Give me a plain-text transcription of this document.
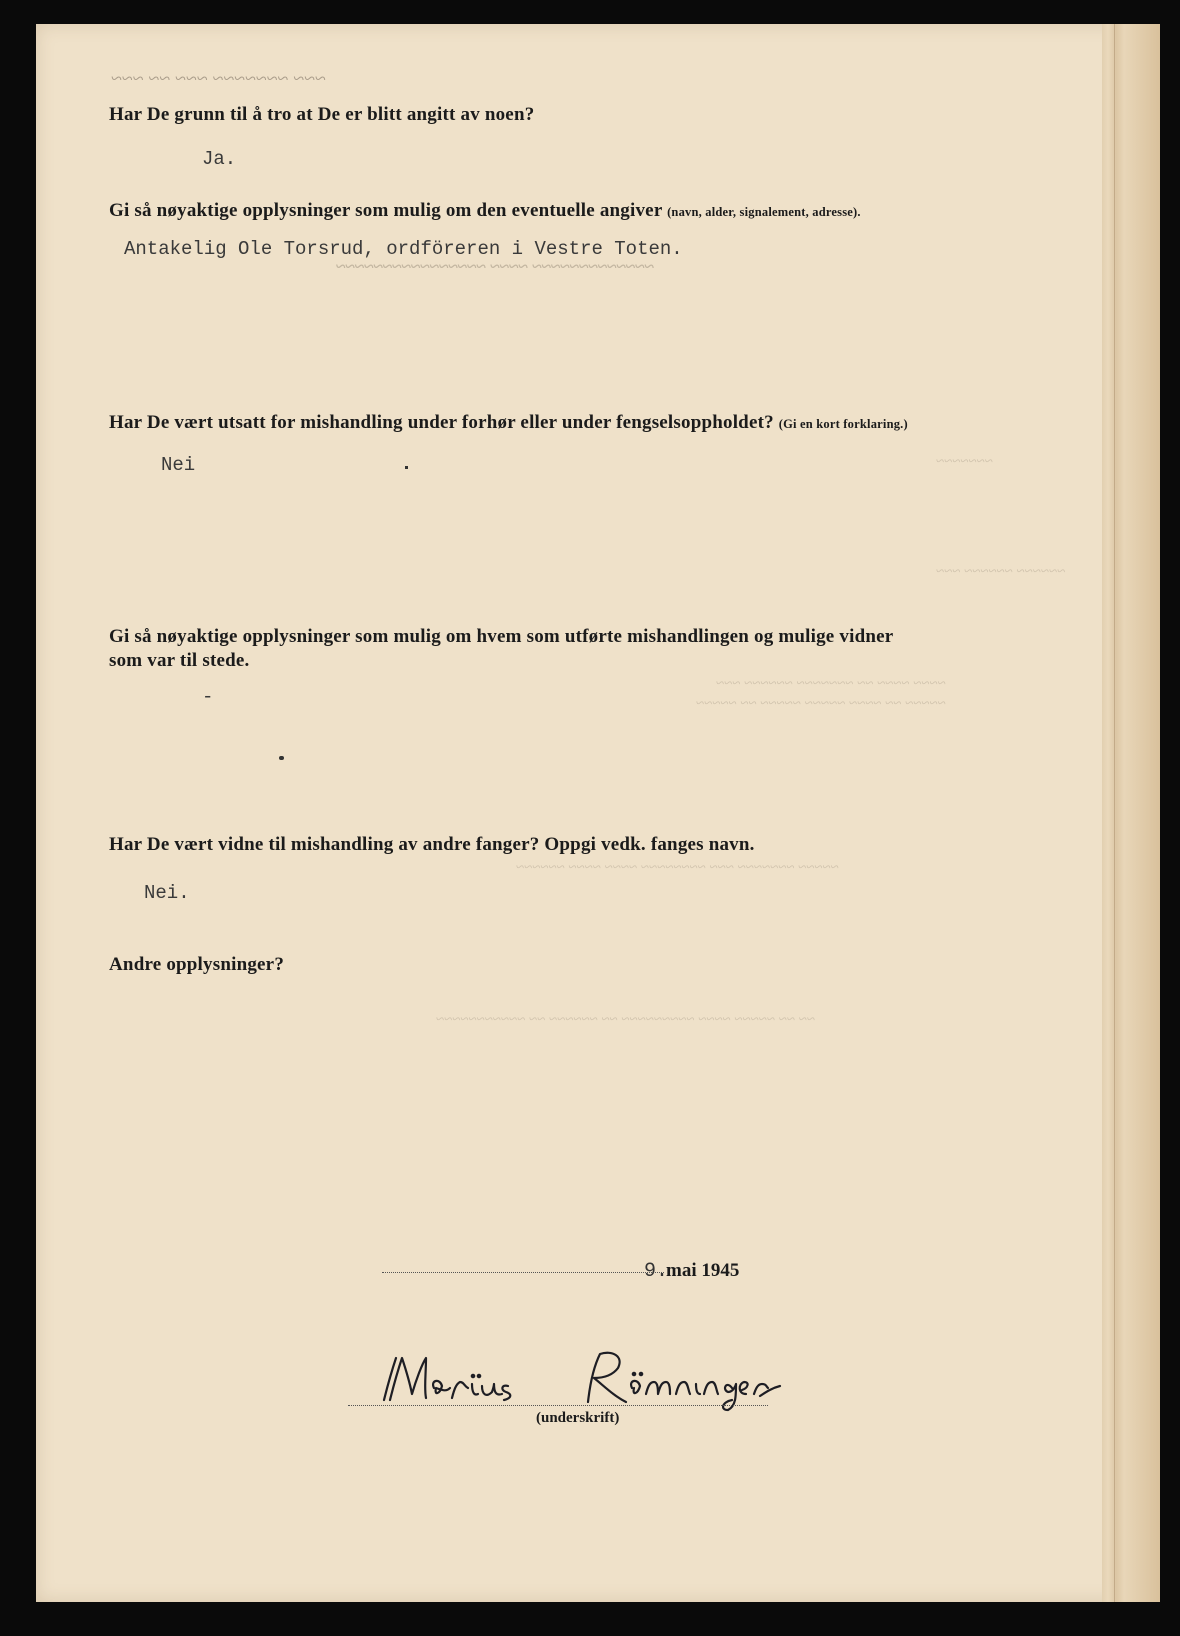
~~~ ~~~~~~~ ~~~ ~~ ~~~
~~~~~~~
~~~~~~ ~~~~~~ ~~~
~~~~ ~~~~ ~~ ~~~~~~~ ~~~~~~ ~~~
~~~~~ ~~ ~~~~ ~~~~~ ~~~~~ ~~ ~~~~~
~~~~~ ~~~~~~~ ~~~ ~~~~~~~~ ~~~~ ~~~~ ~~~~~~
~~ ~~ ~~~~~ ~~~~ ~~~~~~~~~ ~~ ~~~~~~ ~~ ~~~~~~~~~~~
~~~~~~~~~~~~~ ~~~~ ~~~~~~~~~~~~~~~~
Har De grunn til å tro at De er blitt angitt av noen?
Ja.
Gi så nøyaktige opplysninger som mulig om den eventuelle angiver (navn, alder, signalement, adresse).
Antakelig Ole Torsrud, ordföreren i Vestre Toten.
Har De vært utsatt for mishandling under forhør eller under fengselsoppholdet? (Gi en kort forklaring.)
Nei
Gi så nøyaktige opplysninger som mulig om hvem som utførte mishandlingen og mulige vidner
som var til stede.
-
Har De vært vidne til mishandling av andre fanger? Oppgi vedk. fanges navn.
Nei.
Andre opplysninger?
9.
mai 1945
(underskrift)
